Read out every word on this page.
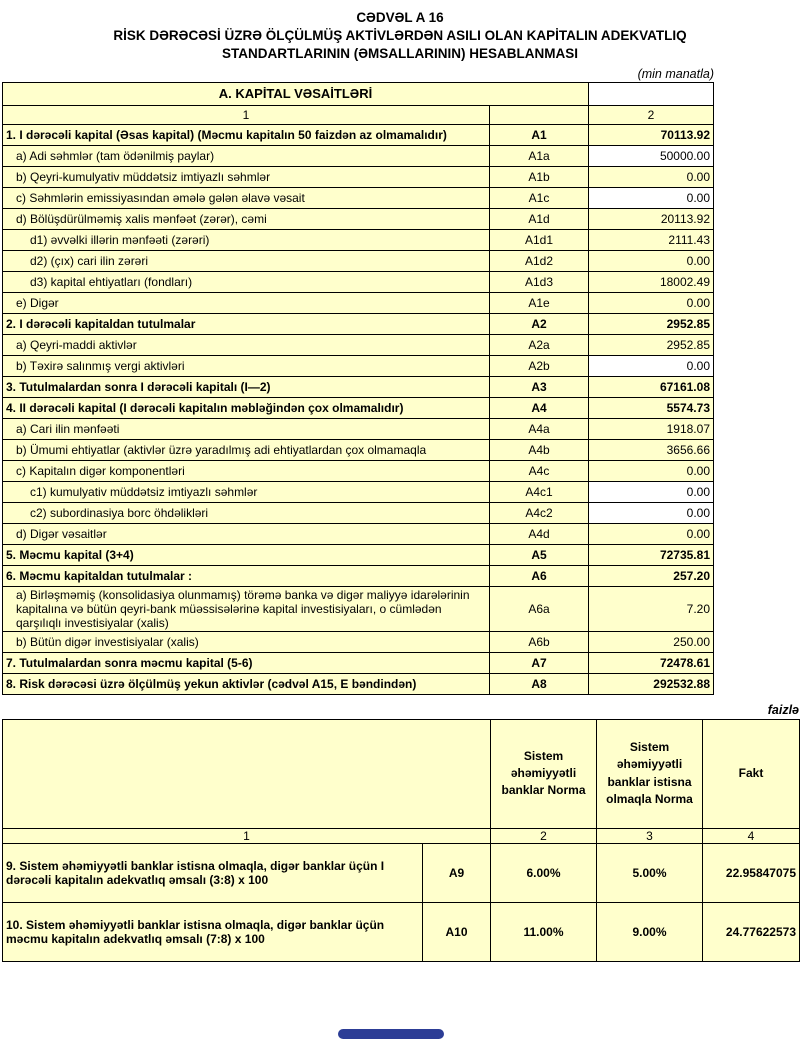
CƏDVƏL A 16
RİSK DƏRƏCƏSİ ÜZRƏ ÖLÇÜLMÜŞ AKTİVLƏRDƏN ASILI OLAN KAPİTALIN ADEKVATLIQ
STANDARTLARININ (ƏMSALLARININ) HESABLANMASI
(min manatla)
A. KAPİTAL VƏSAİTLƏRİ		
1		2
1. I dərəcəli kapital (Əsas kapital) (Məcmu kapitalın 50 faizdən az olmamalıdır)	A1	70113.92
a) Adi səhmlər (tam ödənilmiş paylar)	A1a	50000.00
b) Qeyri-kumulyativ müddətsiz imtiyazlı səhmlər	A1b	0.00
c) Səhmlərin emissiyasından əmələ gələn əlavə vəsait	A1c	0.00
d) Bölüşdürülməmiş xalis mənfəət (zərər), cəmi	A1d	20113.92
d1) əvvəlki illərin mənfəəti (zərəri)	A1d1	2111.43
d2) (çıx) cari ilin zərəri	A1d2	0.00
d3) kapital ehtiyatları (fondları)	A1d3	18002.49
e) Digər	A1e	0.00
2. I dərəcəli kapitaldan tutulmalar	A2	2952.85
a) Qeyri-maddi aktivlər	A2a	2952.85
b) Təxirə salınmış vergi aktivləri	A2b	0.00
3. Tutulmalardan sonra I dərəcəli kapitalı (I—2)	A3	67161.08
4. II dərəcəli kapital (I dərəcəli kapitalın məbləğindən çox olmamalıdır)	A4	5574.73
a) Cari ilin mənfəəti	A4a	1918.07
b) Ümumi ehtiyatlar (aktivlər üzrə yaradılmış adi ehtiyatlardan çox olmamaqla	A4b	3656.66
c) Kapitalın digər komponentləri	A4c	0.00
c1) kumulyativ müddətsiz imtiyazlı səhmlər	A4c1	0.00
c2) subordinasiya borc öhdəlikləri	A4c2	0.00
d) Digər vəsaitlər	A4d	0.00
5. Məcmu kapital (3+4)	A5	72735.81
6. Məcmu kapitaldan tutulmalar :	A6	257.20
a) Birləşməmiş (konsolidasiya olunmamış) törəmə banka və digər maliyyə idarələrinin kapitalına və bütün qeyri-bank müəssisələrinə kapital investisiyaları, o cümlədən qarşılıqlı investisiyalar (xalis)	A6a	7.20
b) Bütün digər investisiyalar (xalis)	A6b	250.00
7. Tutulmalardan sonra məcmu kapital (5-6)	A7	72478.61
8. Risk dərəcəsi üzrə ölçülmüş yekun aktivlər (cədvəl A15, E bəndindən)	A8	292532.88
faizlə
		Sistem əhəmiyyətli banklar Norma	Sistem əhəmiyyətli banklar istisna olmaqla Norma	Fakt
1		2	3	4
9. Sistem əhəmiyyətli banklar istisna olmaqla, digər banklar üçün I dərəcəli kapitalın adekvatlıq əmsalı (3:8) x 100	A9	6.00%	5.00%	22.95847075
10. Sistem əhəmiyyətli banklar istisna olmaqla, digər banklar üçün məcmu kapitalın adekvatlıq əmsalı (7:8) x 100	A10	11.00%	9.00%	24.77622573
